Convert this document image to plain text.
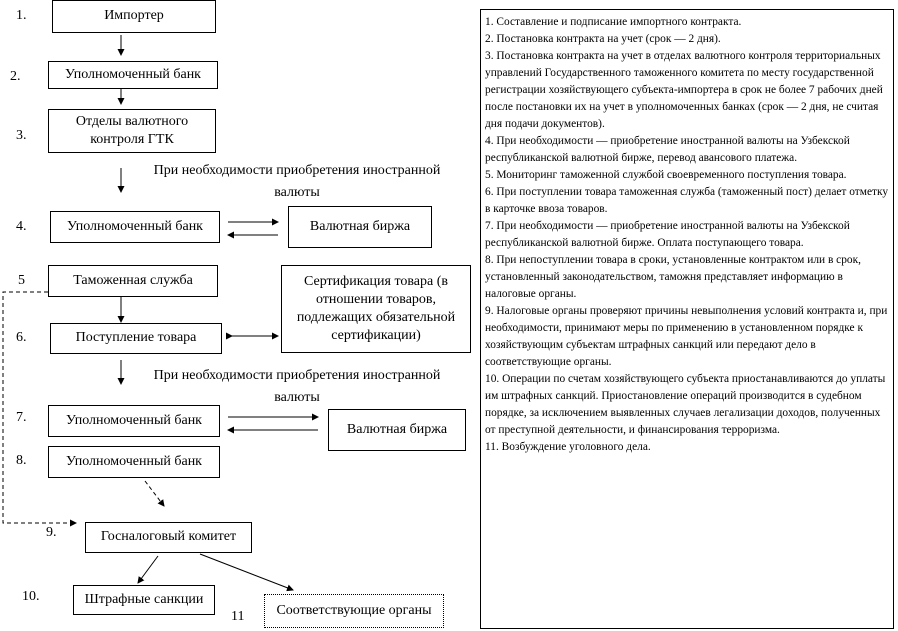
1.
2.
3.
4.
5
6.
7.
8.
9.
10.
11
Импортер
Уполномоченный банк
Отделы валютного контроля ГТК
При необходимости приобретения иностранной валюты
Уполномоченный банк	Валютная биржа
Таможенная служба	Сертификация товара (в отношении товаров, подлежащих обязательной сертификации)
Поступление товара
При необходимости приобретения иностранной валюты
Уполномоченный банк
Валютная биржа
Уполномоченный банк
Госналоговый комитет
Штрафные санкции
Соответствующие органы

1. Составление и подписание импортного контракта.

2. Постановка контракта на учет (срок — 2 дня).

3. Постановка контракта на учет в отделах валютного контроля территориальных управлений Государственного таможенного комитета по месту государственной регистрации хозяйствующего субъекта-импортера в срок не более 7 рабочих дней после постановки их на учет в уполномоченных банках (срок — 2 дня, не считая дня подачи документов).

4. При необходимости — приобретение иностранной валюты на Узбекской республиканской валютной бирже, перевод авансового платежа.

5. Мониторинг таможенной службой своевременного поступления товара.

6. При поступлении товара таможенная служба (таможенный пост) делает отметку в карточке ввоза товаров.

7. При необходимости — приобретение иностранной валюты на Узбекской республиканской валютной бирже. Оплата поступающего товара.

8. При непоступлении товара в сроки, установленные контрактом или в срок, установленный законодательством, таможня представляет информацию в налоговые органы.

9. Налоговые органы проверяют причины невыполнения условий контракта и, при необходимости, принимают меры по применению в установленном порядке к хозяйствующим субъектам штрафных санкций или передают дело в соответствующие органы.

10. Операции по счетам хозяйствующего субъекта приостанавливаются до уплаты им штрафных санкций. Приостановление операций производится в судебном порядке, за исключением выявленных случаев легализации доходов, полученных от преступной деятельности, и финансирования терроризма.

11. Возбуждение уголовного дела.
